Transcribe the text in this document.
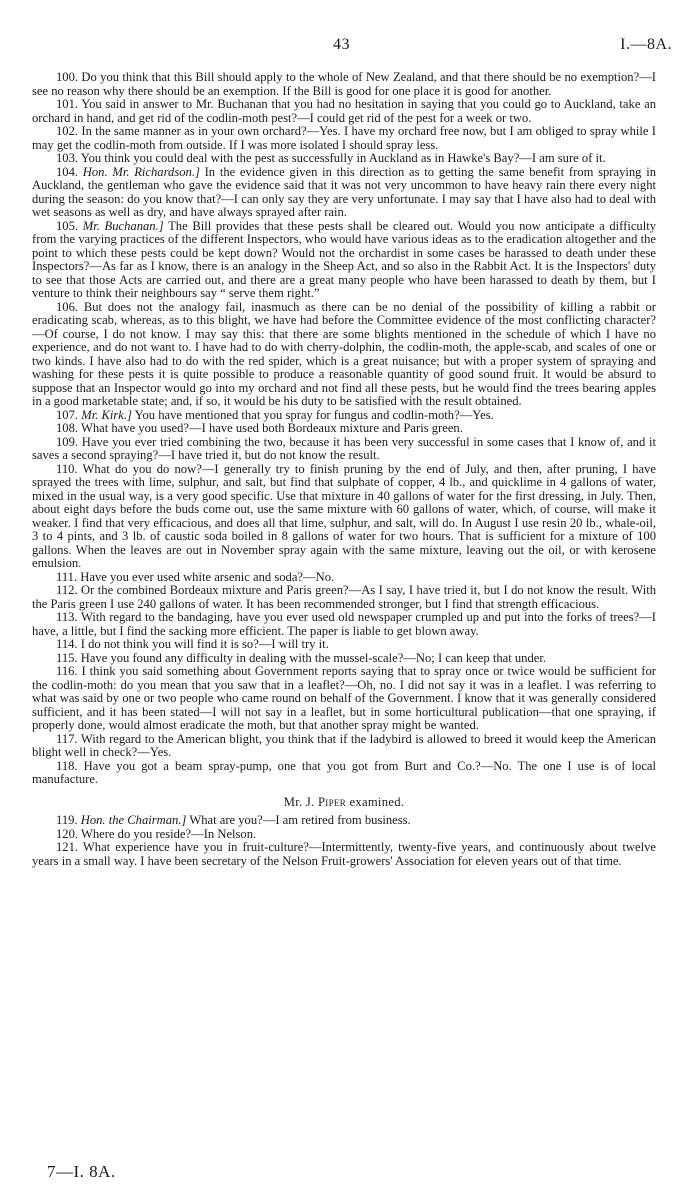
43	I.—8A.

100. Do you think that this Bill should apply to the whole of New Zealand, and that there should be no exemption?—I see no reason why there should be an exemption. If the Bill is good for one place it is good for another.

101. You said in answer to Mr. Buchanan that you had no hesitation in saying that you could go to Auckland, take an orchard in hand, and get rid of the codlin-moth pest?—I could get rid of the pest for a week or two.

102. In the same manner as in your own orchard?—Yes. I have my orchard free now, but I am obliged to spray while I may get the codlin-moth from outside. If I was more isolated I should spray less.

103. You think you could deal with the pest as successfully in Auckland as in Hawke's Bay?—I am sure of it.

104. Hon. Mr. Richardson.] In the evidence given in this direction as to getting the same benefit from spraying in Auckland, the gentleman who gave the evidence said that it was not very uncommon to have heavy rain there every night during the season: do you know that?—I can only say they are very unfortunate. I may say that I have also had to deal with wet seasons as well as dry, and have always sprayed after rain.

105. Mr. Buchanan.] The Bill provides that these pests shall be cleared out. Would you now anticipate a difficulty from the varying practices of the different Inspectors, who would have various ideas as to the eradication altogether and the point to which these pests could be kept down? Would not the orchardist in some cases be harassed to death under these Inspectors?—As far as I know, there is an analogy in the Sheep Act, and so also in the Rabbit Act. It is the Inspectors' duty to see that those Acts are carried out, and there are a great many people who have been harassed to death by them, but I venture to think their neighbours say “ serve them right.”

106. But does not the analogy fail, inasmuch as there can be no denial of the possibility of killing a rabbit or eradicating scab, whereas, as to this blight, we have had before the Committee evidence of the most conflicting character?—Of course, I do not know. I may say this: that there are some blights mentioned in the schedule of which I have no experience, and do not want to. I have had to do with cherry-dolphin, the codlin-moth, the apple-scab, and scales of one or two kinds. I have also had to do with the red spider, which is a great nuisance; but with a proper system of spraying and washing for these pests it is quite possible to produce a reasonable quantity of good sound fruit. It would be absurd to suppose that an Inspector would go into my orchard and not find all these pests, but he would find the trees bearing apples in a good marketable state; and, if so, it would be his duty to be satisfied with the result obtained.

107. Mr. Kirk.] You have mentioned that you spray for fungus and codlin-moth?—Yes.

108. What have you used?—I have used both Bordeaux mixture and Paris green.

109. Have you ever tried combining the two, because it has been very successful in some cases that I know of, and it saves a second spraying?—I have tried it, but do not know the result.

110. What do you do now?—I generally try to finish pruning by the end of July, and then, after pruning, I have sprayed the trees with lime, sulphur, and salt, but find that sulphate of copper, 4 lb., and quicklime in 4 gallons of water, mixed in the usual way, is a very good specific. Use that mixture in 40 gallons of water for the first dressing, in July. Then, about eight days before the buds come out, use the same mixture with 60 gallons of water, which, of course, will make it weaker. I find that very efficacious, and does all that lime, sulphur, and salt, will do. In August I use resin 20 lb., whale-oil, 3 to 4 pints, and 3 lb. of caustic soda boiled in 8 gallons of water for two hours. That is sufficient for a mixture of 100 gallons. When the leaves are out in November spray again with the same mixture, leaving out the oil, or with kerosene emulsion.

111. Have you ever used white arsenic and soda?—No.

112. Or the combined Bordeaux mixture and Paris green?—As I say, I have tried it, but I do not know the result. With the Paris green I use 240 gallons of water. It has been recommended stronger, but I find that strength efficacious.

113. With regard to the bandaging, have you ever used old newspaper crumpled up and put into the forks of trees?—I have, a little, but I find the sacking more efficient. The paper is liable to get blown away.

114. I do not think you will find it is so?—I will try it.

115. Have you found any difficulty in dealing with the mussel-scale?—No; I can keep that under.

116. I think you said something about Government reports saying that to spray once or twice would be sufficient for the codlin-moth: do you mean that you saw that in a leaflet?—Oh, no. I did not say it was in a leaflet. I was referring to what was said by one or two people who came round on behalf of the Government. I know that it was generally considered sufficient, and it has been stated—I will not say in a leaflet, but in some horticultural publication—that one spraying, if properly done, would almost eradicate the moth, but that another spray might be wanted.

117. With regard to the American blight, you think that if the ladybird is allowed to breed it would keep the American blight well in check?—Yes.

118. Have you got a beam spray-pump, one that you got from Burt and Co.?—No. The one I use is of local manufacture.

Mr. J. Piper examined.

119. Hon. the Chairman.] What are you?—I am retired from business.

120. Where do you reside?—In Nelson.

121. What experience have you in fruit-culture?—Intermittently, twenty-five years, and continuously about twelve years in a small way. I have been secretary of the Nelson Fruit-growers' Association for eleven years out of that time.

7—I. 8A.
